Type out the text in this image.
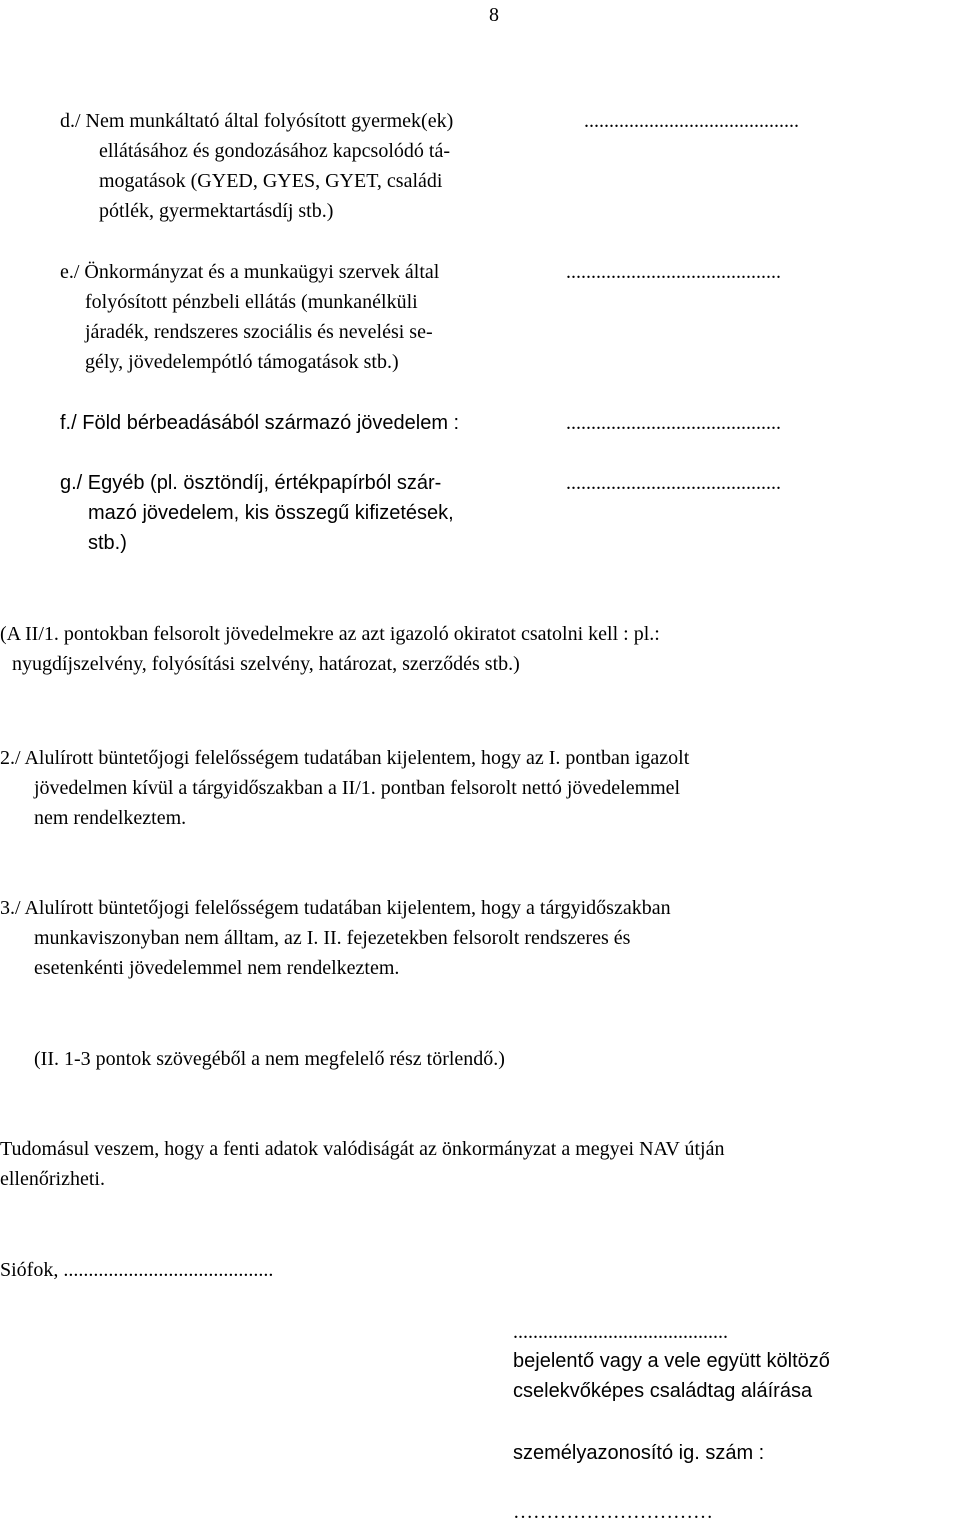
8
d./ Nem munkáltató által folyósított gyermek(ek)
ellátásához és gondozásához kapcsolódó tá-
mogatások (GYED, GYES, GYET, családi
pótlék, gyermektartásdíj stb.)
...........................................
e./ Önkormányzat és a munkaügyi szervek által
folyósított pénzbeli ellátás (munkanélküli
járadék, rendszeres szociális és nevelési se-
gély, jövedelempótló támogatások stb.)
...........................................
f./ Föld bérbeadásából származó jövedelem :	...........................................
g./ Egyéb (pl. ösztöndíj, értékpapírból szár-
mazó jövedelem, kis összegű kifizetések,
stb.)
...........................................
(A II/1. pontokban felsorolt jövedelmekre az azt igazoló okiratot csatolni kell : pl.:
nyugdíjszelvény, folyósítási szelvény, határozat, szerződés stb.)
2./ Alulírott büntetőjogi felelősségem tudatában kijelentem, hogy az I. pontban igazolt
jövedelmen kívül a tárgyidőszakban a II/1. pontban felsorolt nettó jövedelemmel
nem rendelkeztem.
3./ Alulírott büntetőjogi felelősségem tudatában kijelentem, hogy a tárgyidőszakban
munkaviszonyban nem álltam, az I. II. fejezetekben felsorolt rendszeres és
esetenkénti jövedelemmel nem rendelkeztem.
(II. 1-3 pontok szövegéből a nem megfelelő rész törlendő.)
Tudomásul veszem, hogy a fenti adatok valódiságát az önkormányzat a megyei NAV útján
ellenőrizheti.
Siófok, ..........................................
...........................................
bejelentő vagy a vele együtt költöző
cselekvőképes családtag aláírása
személyazonosító ig. szám :
…………………………
